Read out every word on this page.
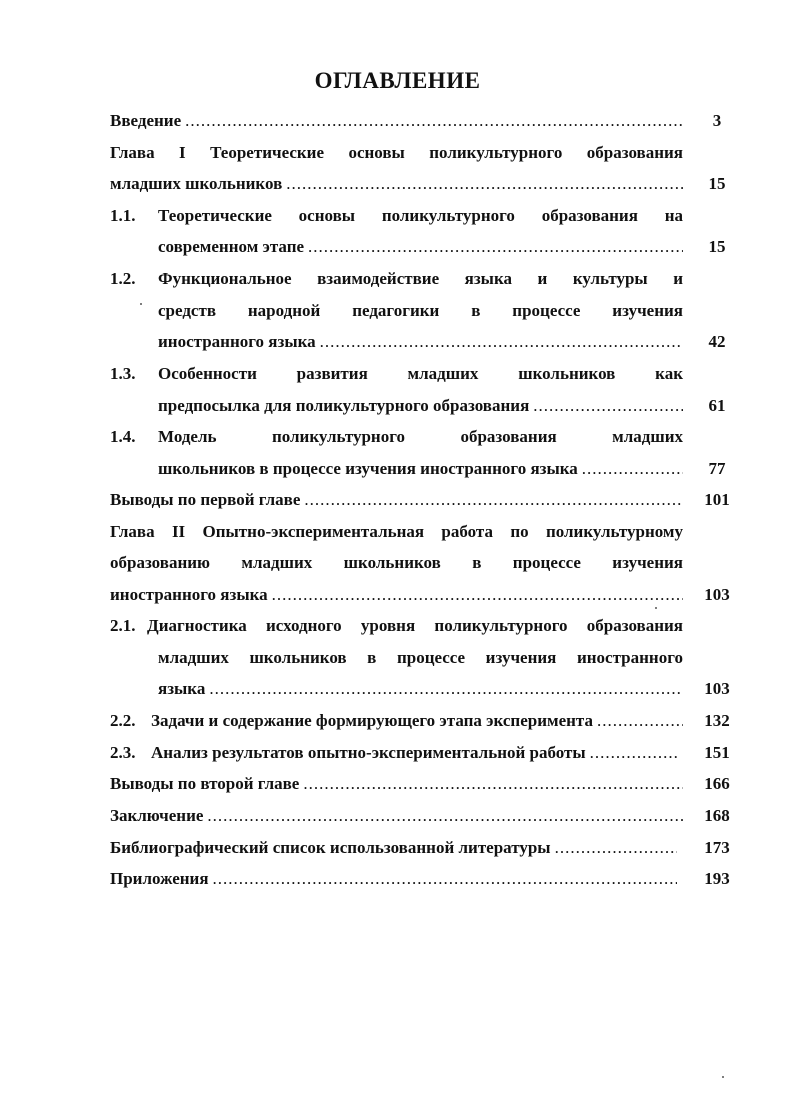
ОГЛАВЛЕНИЕ
Введение .....	3
Глава I Теоретические основы поликультурного образования
младших школьников .....	15
1.1. Теоретические основы поликультурного образования на
современном этапе .....	15
1.2. Функциональное взаимодействие языка и культуры и
средств народной педагогики в процессе изучения
иностранного языка .....	42
1.3. Особенности развития младших школьников как
предпосылка для поликультурного образования .....	61
1.4. Модель поликультурного образования младших
школьников в процессе изучения иностранного языка .....	77
Выводы по первой главе .....	101
Глава II Опытно-экспериментальная работа по поликультурному
образованию младших школьников в процессе изучения
иностранного языка .....	103
2.1. Диагностика исходного уровня поликультурного образования
младших школьников в процессе изучения иностранного
языка .....	103
2.2. Задачи и содержание формирующего этапа эксперимента .....	132
2.3. Анализ результатов опытно-экспериментальной работы .....	151
Выводы по второй главе .....	166
Заключение .....	168
Библиографический список использованной литературы .....	173
Приложения .....	193
